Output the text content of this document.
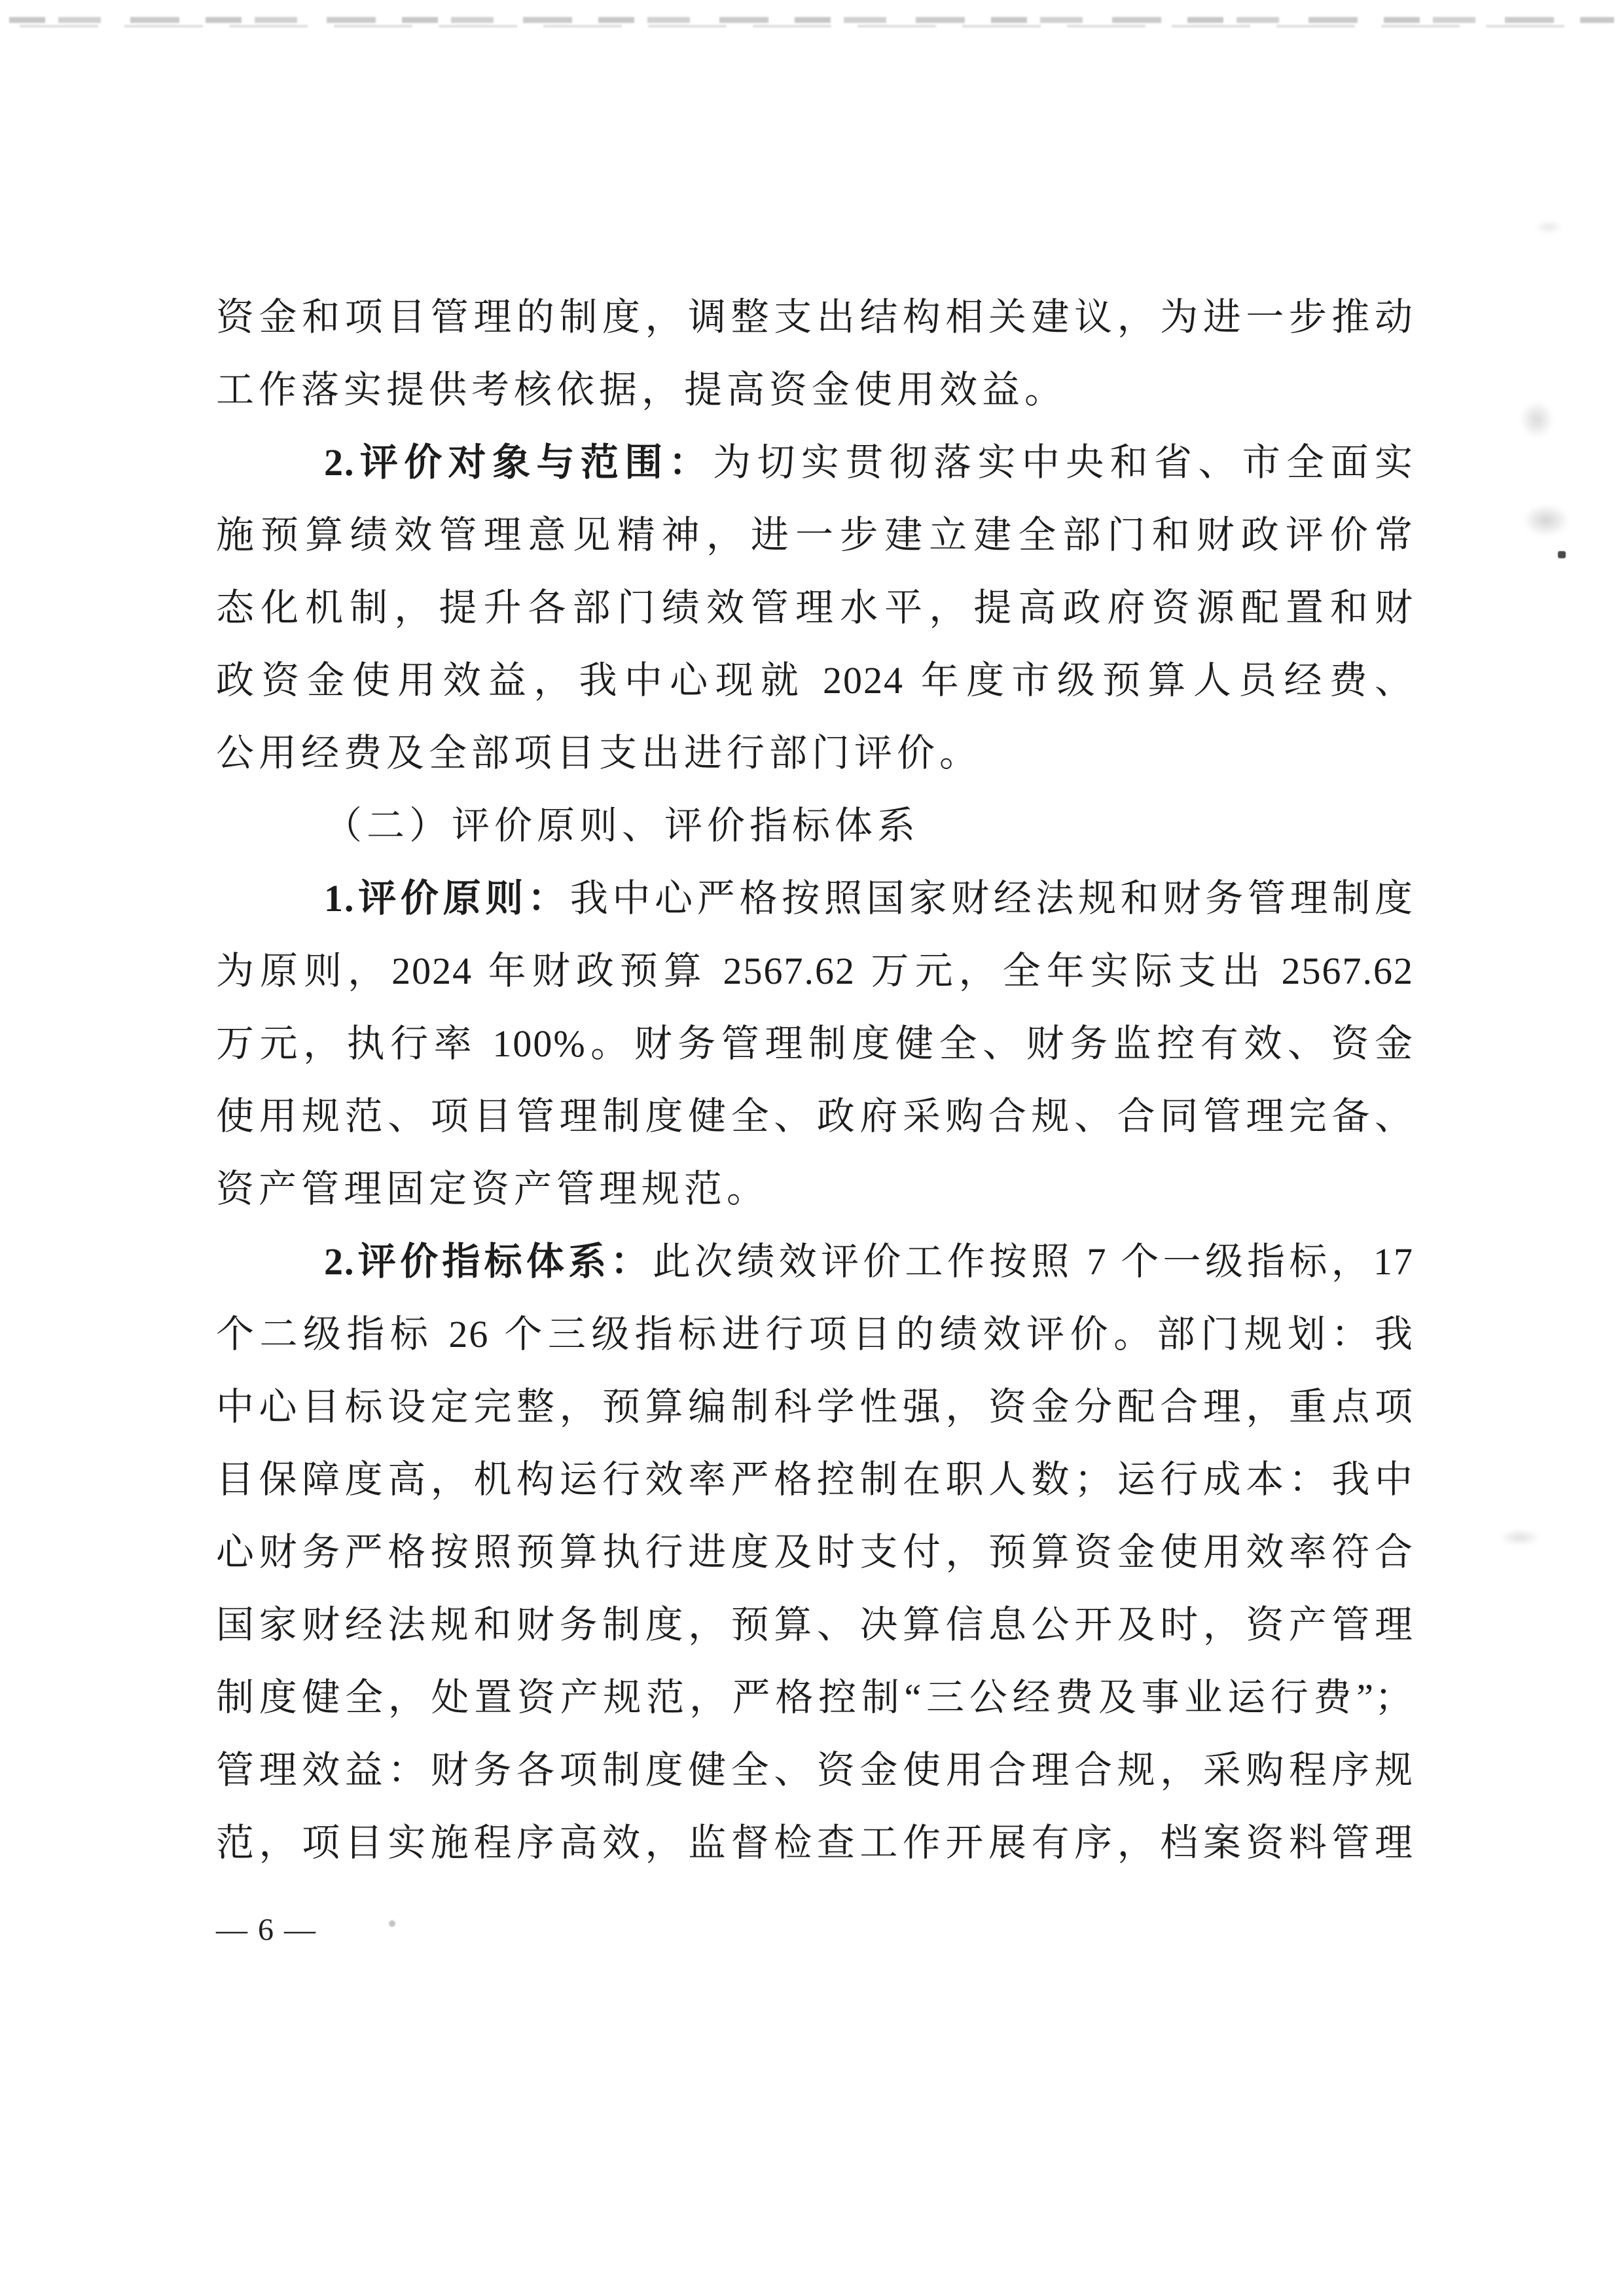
资金和项目管理的制度，调整支出结构相关建议，为进一步推动
工作落实提供考核依据，提高资金使用效益。
2.评价对象与范围：为切实贯彻落实中央和省、市全面实
施预算绩效管理意见精神，进一步建立建全部门和财政评价常
态化机制，提升各部门绩效管理水平，提高政府资源配置和财
政资金使用效益，我中心现就 2024 年度市级预算人员经费、
公用经费及全部项目支出进行部门评价。
（二）评价原则、评价指标体系
1.评价原则：我中心严格按照国家财经法规和财务管理制度
为原则，2024 年财政预算 2567.62 万元，全年实际支出 2567.62
万元，执行率 100%。财务管理制度健全、财务监控有效、资金
使用规范、项目管理制度健全、政府采购合规、合同管理完备、
资产管理固定资产管理规范。
2.评价指标体系：此次绩效评价工作按照 7 个一级指标，17
个二级指标 26 个三级指标进行项目的绩效评价。部门规划：我
中心目标设定完整，预算编制科学性强，资金分配合理，重点项
目保障度高，机构运行效率严格控制在职人数；运行成本：我中
心财务严格按照预算执行进度及时支付，预算资金使用效率符合
国家财经法规和财务制度，预算、决算信息公开及时，资产管理
制度健全，处置资产规范，严格控制“三公经费及事业运行费”；
管理效益：财务各项制度健全、资金使用合理合规，采购程序规
范，项目实施程序高效，监督检查工作开展有序，档案资料管理
— 6 —
